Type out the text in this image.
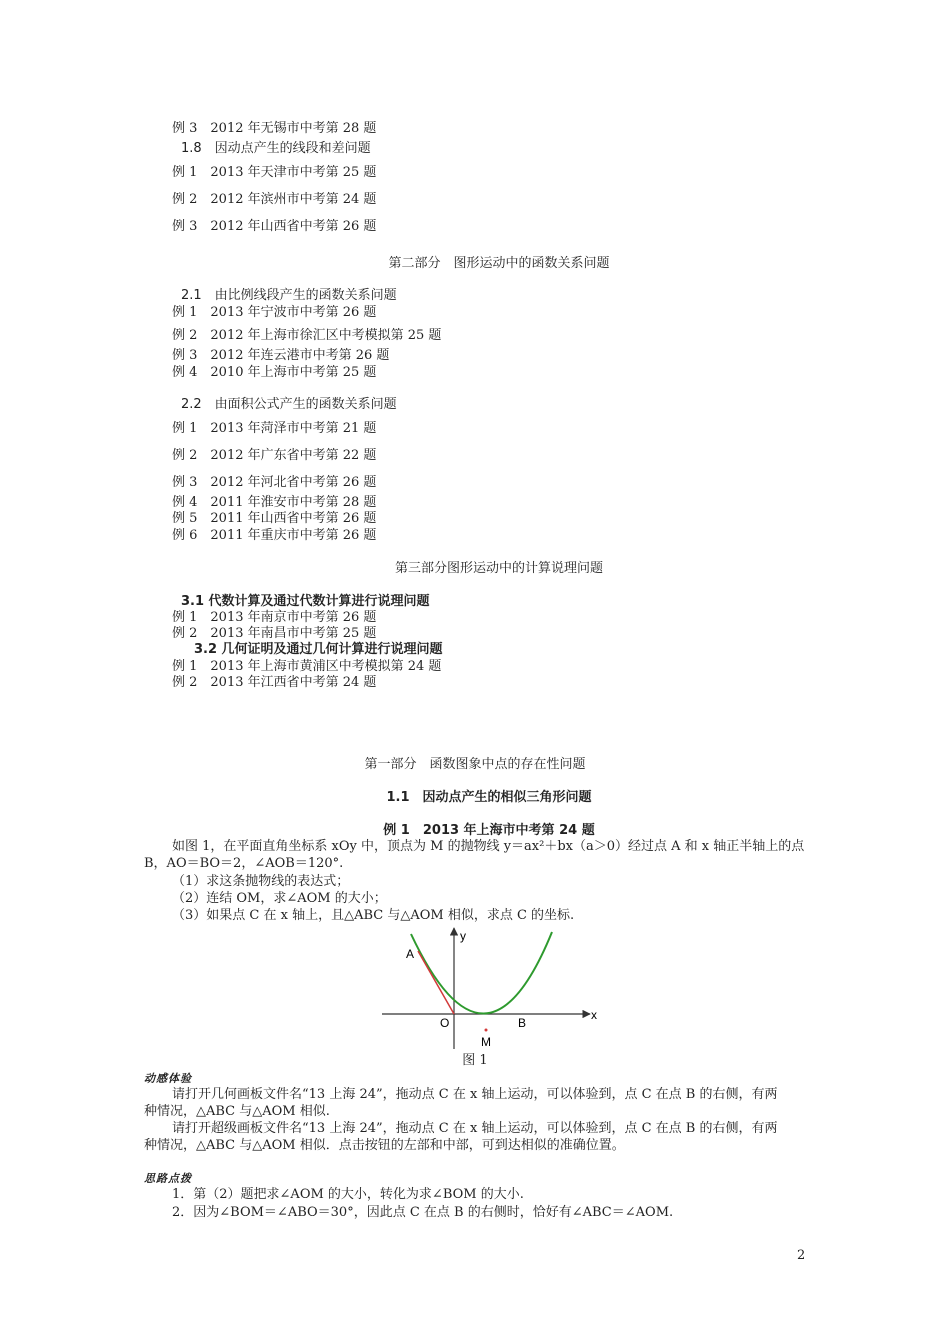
例 3　2012 年无锡市中考第 28 题
1.8　因动点产生的线段和差问题
例 1　2013 年天津市中考第 25 题
例 2　2012 年滨州市中考第 24 题
例 3　2012 年山西省中考第 26 题
第二部分　图形运动中的函数关系问题
2.1　由比例线段产生的函数关系问题
例 1　2013 年宁波市中考第 26 题
例 2　2012 年上海市徐汇区中考模拟第 25 题
例 3　2012 年连云港市中考第 26 题
例 4　2010 年上海市中考第 25 题
2.2　由面积公式产生的函数关系问题
例 1　2013 年菏泽市中考第 21 题
例 2　2012 年广东省中考第 22 题
例 3　2012 年河北省中考第 26 题
例 4　2011 年淮安市中考第 28 题
例 5　2011 年山西省中考第 26 题
例 6　2011 年重庆市中考第 26 题
第三部分图形运动中的计算说理问题
3.1 代数计算及通过代数计算进行说理问题
例 1　2013 年南京市中考第 26 题
例 2　2013 年南昌市中考第 25 题
3.2 几何证明及通过几何计算进行说理问题
例 1　2013 年上海市黄浦区中考模拟第 24 题
例 2　2013 年江西省中考第 24 题
第一部分　函数图象中点的存在性问题
1.1　因动点产生的相似三角形问题
例 1　2013 年上海市中考第 24 题
如图 1，在平面直角坐标系 xOy 中，顶点为 M 的抛物线 y＝ax²＋bx（a＞0）经过点 A 和 x 轴正半轴上的点
B，AO＝BO＝2，∠AOB＝120°.
（1）求这条抛物线的表达式；
（2）连结 OM，求∠AOM 的大小；
（3）如果点 C 在 x 轴上，且△ABC 与△AOM 相似，求点 C 的坐标.
A
y
O	B
M
x
图 1
动感体验
请打开几何画板文件名“13 上海 24”，拖动点 C 在 x 轴上运动，可以体验到，点 C 在点 B 的右侧，有两
种情况，△ABC 与△AOM 相似.
请打开超级画板文件名“13 上海 24”，拖动点 C 在 x 轴上运动，可以体验到，点 C 在点 B 的右侧，有两
种情况，△ABC 与△AOM 相似．点击按钮的左部和中部，可到达相似的准确位置。
思路点拨
1．第（2）题把求∠AOM 的大小，转化为求∠BOM 的大小.
2．因为∠BOM＝∠ABO＝30°，因此点 C 在点 B 的右侧时，恰好有∠ABC＝∠AOM.
2
